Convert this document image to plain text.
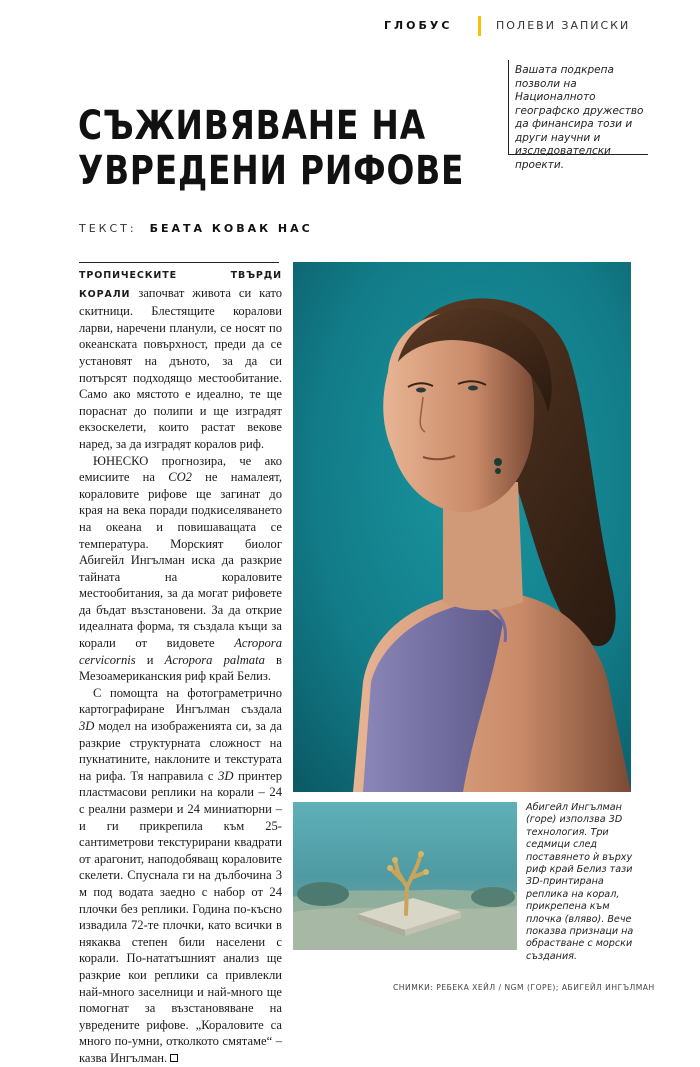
ГЛОБУС	ПОЛЕВИ ЗАПИСКИ
Вашата подкрепа позволи на Националното географско дружество да финансира този и други научни и изследователски проекти.
СЪЖИВЯВАНЕ НА
УВРЕДЕНИ РИФОВЕ
ТЕКСТ: БЕАТА КОВАК НАС

ТРОПИЧЕСКИТЕ ТВЪРДИ КОРАЛИ започват живота си като скитници. Блестящите коралови ларви, наречени планули, се носят по океанската повърхност, преди да се установят на дъното, за да си потърсят подходящо местообитание. Само ако мястото е идеално, те ще пораснат до полипи и ще изградят екзоскелети, които растат векове наред, за да изградят коралов риф.

ЮНЕСКО прогнозира, че ако емисиите на CO2 не намалеят, кораловите рифове ще загинат до края на века поради подкиселяването на океана и повишаващата се температура. Морският биолог Абигейл Ингълман иска да разкрие тайната на кораловите местообитания, за да могат рифовете да бъдат възстановени. За да открие идеалната форма, тя създала къщи за корали от видовете Acropora cervicornis и Acropora palmata в Мезоамериканския риф край Белиз.

С помощта на фотограметрично картографиране Ингълман създала 3D модел на изображенията си, за да разкрие структурната сложност на пукнатините, наклоните и текстурата на рифа. Тя направила с 3D принтер пластмасови реплики на корали – 24 с реални размери и 24 миниатюрни – и ги прикрепила към 25-сантиметрови текстурирани квадрати от арагонит, наподобяващ кораловите скелети. Спуснала ги на дълбочина 3 м под водата заедно с набор от 24 плочки без реплики. Година по-късно извадила 72-те плочки, като всички в някаква степен били населени с корали. По-нататъшният анализ ще разкрие кои реплики са привлекли най-много заселници и най-много ще помогнат за възстановяване на увредените рифове. „Кораловите са много по-умни, отколкото смятаме“ – казва Ингълман.

Абигейл Ингълман (горе) използва 3D технология. Три седмици след поставянето ѝ върху риф край Белиз тази 3D-принтирана реплика на корал, прикрепена към плочка (вляво). Вече показва признаци на обрастване с морски създания.
СНИМКИ: РЕБЕКА ХЕЙЛ / NGM (ГОРЕ); АБИГЕЙЛ ИНГЪЛМАН
